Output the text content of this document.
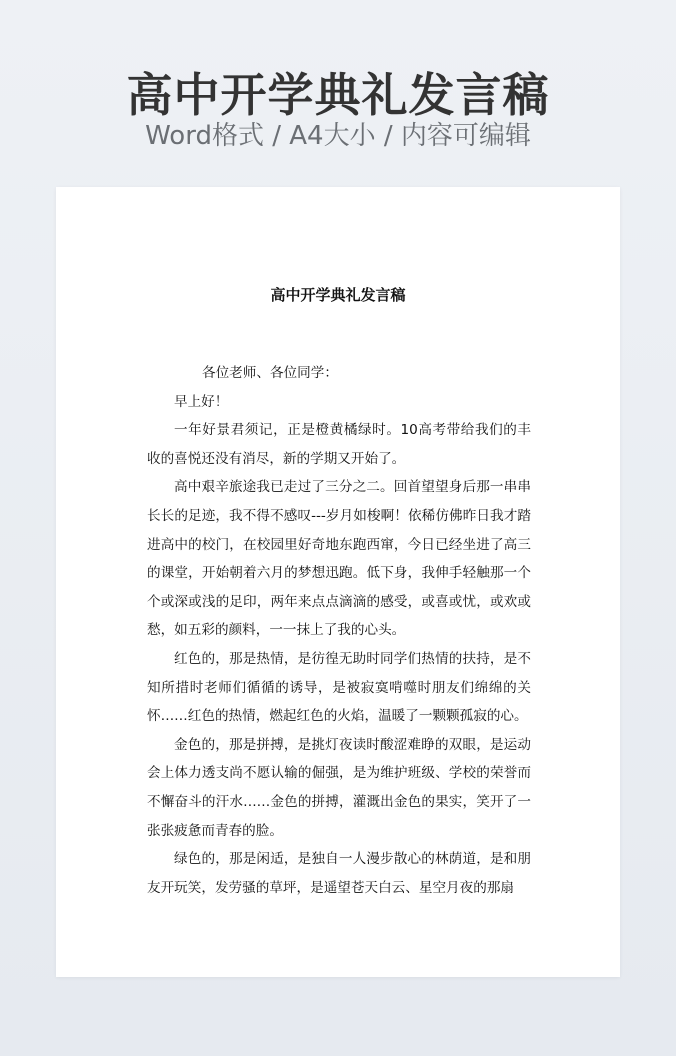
高中开学典礼发言稿
Word格式 / A4大小 / 内容可编辑
高中开学典礼发言稿

各位老师、各位同学：

早上好！

一年好景君须记，正是橙黄橘绿时。10高考带给我们的丰收的喜悦还没有消尽，新的学期又开始了。

高中艰辛旅途我已走过了三分之二。回首望望身后那一串串长长的足迹，我不得不感叹---岁月如梭啊！依稀仿佛昨日我才踏进高中的校门，在校园里好奇地东跑西窜，今日已经坐进了高三的课堂，开始朝着六月的梦想迅跑。低下身，我伸手轻触那一个个或深或浅的足印，两年来点点滴滴的感受，或喜或忧，或欢或愁，如五彩的颜料，一一抹上了我的心头。

红色的，那是热情，是彷徨无助时同学们热情的扶持，是不知所措时老师们循循的诱导，是被寂寞啃噬时朋友们绵绵的关怀……红色的热情，燃起红色的火焰，温暖了一颗颗孤寂的心。

金色的，那是拼搏，是挑灯夜读时酸涩难睁的双眼，是运动会上体力透支尚不愿认输的倔强，是为维护班级、学校的荣誉而不懈奋斗的汗水……金色的拼搏，灌溉出金色的果实，笑开了一张张疲惫而青春的脸。

绿色的，那是闲适，是独自一人漫步散心的林荫道，是和朋友开玩笑，发劳骚的草坪，是遥望苍天白云、星空月夜的那扇
